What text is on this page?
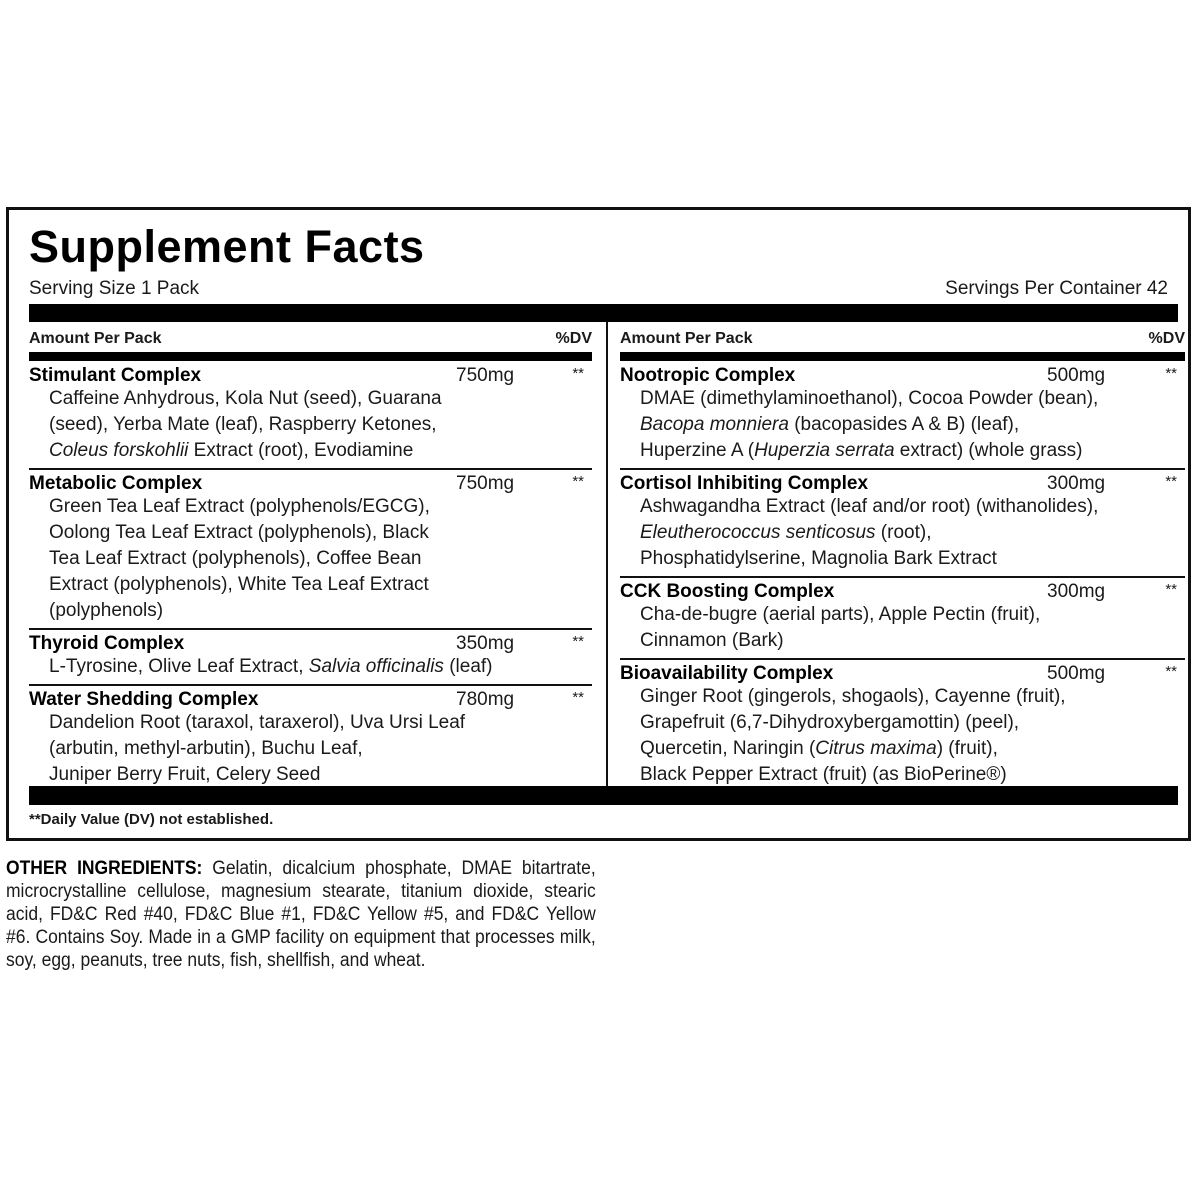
Supplement Facts
Serving Size 1 Pack	Servings Per Container 42
Amount Per Pack	%DV
Stimulant Complex	750mg	**
Caffeine Anhydrous, Kola Nut (seed), Guarana
(seed), Yerba Mate (leaf), Raspberry Ketones,
Coleus forskohlii Extract (root), Evodiamine
Metabolic Complex	750mg	**
Green Tea Leaf Extract (polyphenols/EGCG),
Oolong Tea Leaf Extract (polyphenols), Black
Tea Leaf Extract (polyphenols), Coffee Bean
Extract (polyphenols), White Tea Leaf Extract
(polyphenols)
Thyroid Complex	350mg	**
L-Tyrosine, Olive Leaf Extract, Salvia officinalis (leaf)
Water Shedding Complex	780mg	**
Dandelion Root (taraxol, taraxerol), Uva Ursi Leaf
(arbutin, methyl-arbutin), Buchu Leaf,
Juniper Berry Fruit, Celery Seed
Amount Per Pack	%DV
Nootropic Complex	500mg	**
DMAE (dimethylaminoethanol), Cocoa Powder (bean),
Bacopa monniera (bacopasides A & B) (leaf),
Huperzine A (Huperzia serrata extract) (whole grass)
Cortisol Inhibiting Complex	300mg	**
Ashwagandha Extract (leaf and/or root) (withanolides),
Eleutherococcus senticosus (root),
Phosphatidylserine, Magnolia Bark Extract
CCK Boosting Complex	300mg	**
Cha-de-bugre (aerial parts), Apple Pectin (fruit),
Cinnamon (Bark)
Bioavailability Complex	500mg	**
Ginger Root (gingerols, shogaols), Cayenne (fruit),
Grapefruit (6,7-Dihydroxybergamottin) (peel),
Quercetin, Naringin (Citrus maxima) (fruit),
Black Pepper Extract (fruit) (as BioPerine®)
**Daily Value (DV) not established.
OTHER INGREDIENTS: Gelatin, dicalcium phosphate, DMAE bitartrate, microcrystalline cellulose, magnesium stearate, titanium dioxide, stearic acid, FD&C Red #40, FD&C Blue #1, FD&C Yellow #5, and FD&C Yellow #6. Contains Soy. Made in a GMP facility on equipment that processes milk, soy, egg, peanuts, tree nuts, fish, shellfish, and wheat.
